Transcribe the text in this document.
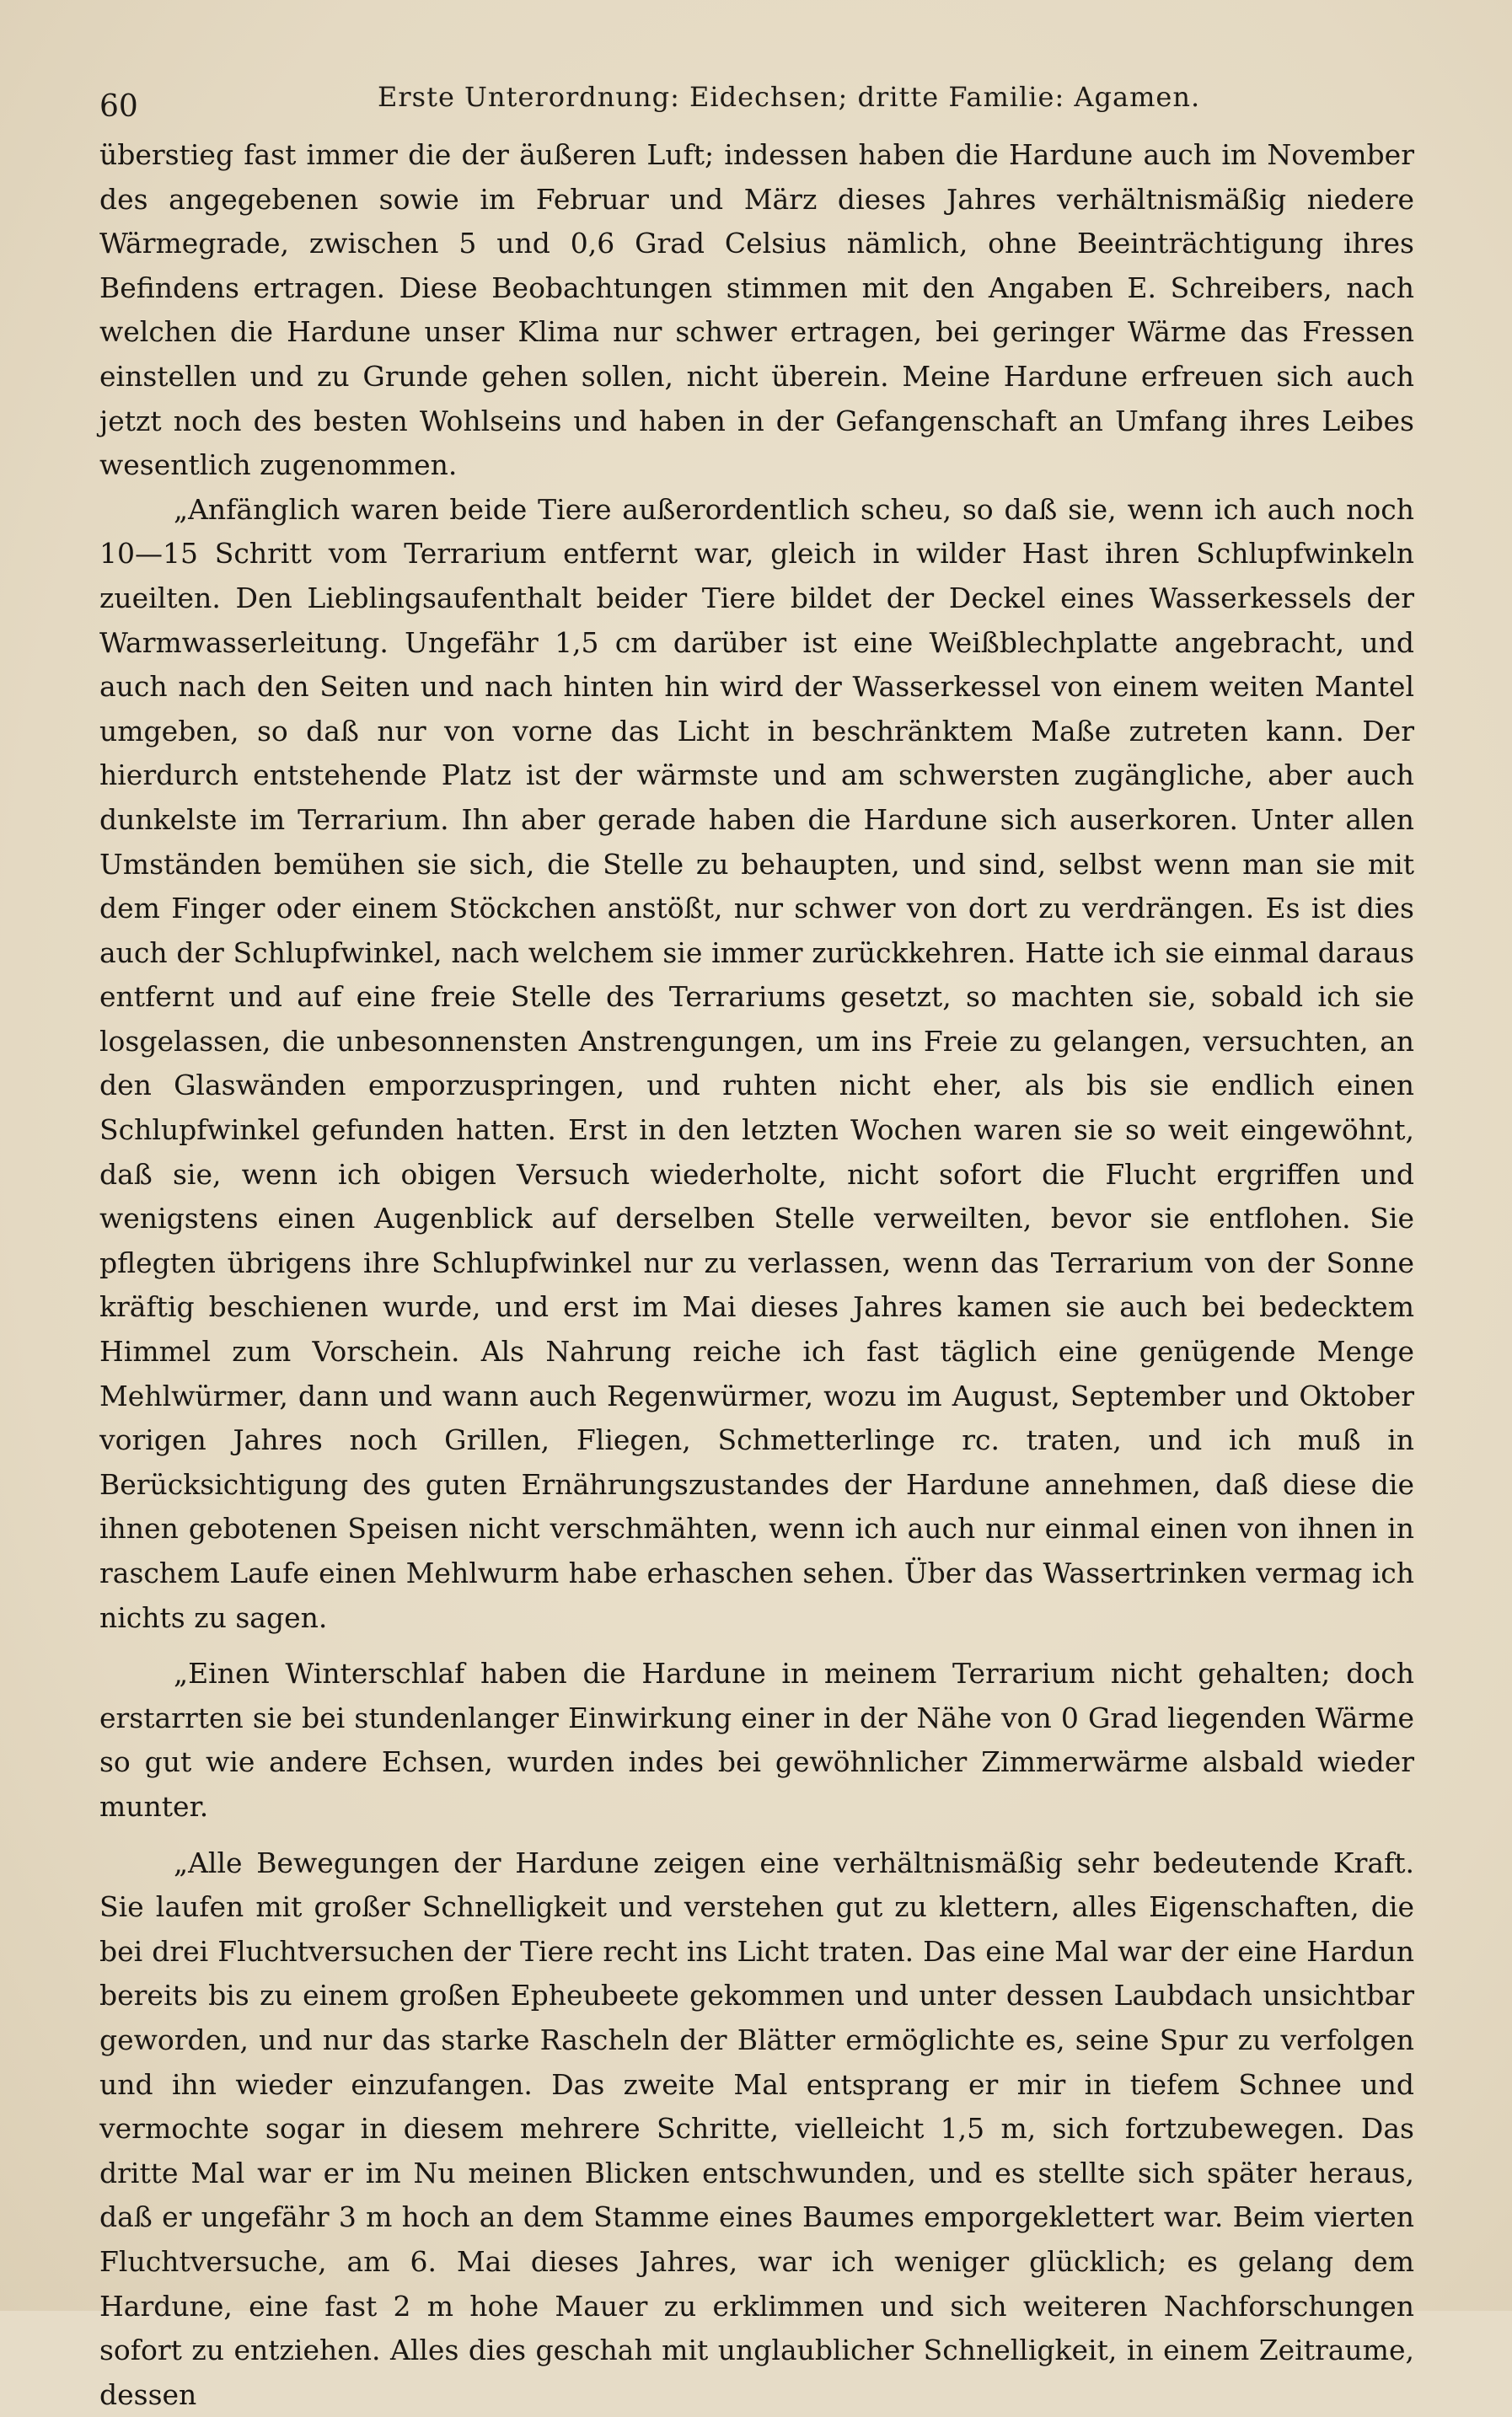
60	Erste Unterordnung: Eidechsen; dritte Familie: Agamen.

überstieg fast immer die der äußeren Luft; indessen haben die Hardune auch im November des angegebenen sowie im Februar und März dieses Jahres verhältnismäßig niedere Wärmegrade, zwischen 5 und 0,6 Grad Celsius nämlich, ohne Beeinträchtigung ihres Befindens ertragen. Diese Beobachtungen stimmen mit den Angaben E. Schreibers, nach welchen die Hardune unser Klima nur schwer ertragen, bei geringer Wärme das Fressen einstellen und zu Grunde gehen sollen, nicht überein. Meine Hardune erfreuen sich auch jetzt noch des besten Wohlseins und haben in der Gefangenschaft an Umfang ihres Leibes wesentlich zugenommen.

„Anfänglich waren beide Tiere außerordentlich scheu, so daß sie, wenn ich auch noch 10—15 Schritt vom Terrarium entfernt war, gleich in wilder Hast ihren Schlupfwinkeln zueilten. Den Lieblingsaufenthalt beider Tiere bildet der Deckel eines Wasserkessels der Warmwasserleitung. Ungefähr 1,5 cm darüber ist eine Weißblechplatte angebracht, und auch nach den Seiten und nach hinten hin wird der Wasserkessel von einem weiten Mantel umgeben, so daß nur von vorne das Licht in beschränktem Maße zutreten kann. Der hierdurch entstehende Platz ist der wärmste und am schwersten zugängliche, aber auch dunkelste im Terrarium. Ihn aber gerade haben die Hardune sich auserkoren. Unter allen Umständen bemühen sie sich, die Stelle zu behaupten, und sind, selbst wenn man sie mit dem Finger oder einem Stöckchen anstößt, nur schwer von dort zu verdrängen. Es ist dies auch der Schlupfwinkel, nach welchem sie immer zurückkehren. Hatte ich sie einmal daraus entfernt und auf eine freie Stelle des Terrariums gesetzt, so machten sie, sobald ich sie losgelassen, die unbesonnensten Anstrengungen, um ins Freie zu gelangen, versuchten, an den Glaswänden emporzuspringen, und ruhten nicht eher, als bis sie endlich einen Schlupfwinkel gefunden hatten. Erst in den letzten Wochen waren sie so weit eingewöhnt, daß sie, wenn ich obigen Versuch wiederholte, nicht sofort die Flucht ergriffen und wenigstens einen Augenblick auf derselben Stelle verweilten, bevor sie entflohen. Sie pflegten übrigens ihre Schlupfwinkel nur zu verlassen, wenn das Terrarium von der Sonne kräftig beschienen wurde, und erst im Mai dieses Jahres kamen sie auch bei bedecktem Himmel zum Vorschein. Als Nahrung reiche ich fast täglich eine genügende Menge Mehlwürmer, dann und wann auch Regenwürmer, wozu im August, September und Oktober vorigen Jahres noch Grillen, Fliegen, Schmetterlinge rc. traten, und ich muß in Berücksichtigung des guten Ernährungszustandes der Hardune annehmen, daß diese die ihnen gebotenen Speisen nicht verschmähten, wenn ich auch nur einmal einen von ihnen in raschem Laufe einen Mehlwurm habe erhaschen sehen. Über das Wassertrinken vermag ich nichts zu sagen.

„Einen Winterschlaf haben die Hardune in meinem Terrarium nicht gehalten; doch erstarrten sie bei stundenlanger Einwirkung einer in der Nähe von 0 Grad liegenden Wärme so gut wie andere Echsen, wurden indes bei gewöhnlicher Zimmerwärme alsbald wieder munter.

„Alle Bewegungen der Hardune zeigen eine verhältnismäßig sehr bedeutende Kraft. Sie laufen mit großer Schnelligkeit und verstehen gut zu klettern, alles Eigenschaften, die bei drei Fluchtversuchen der Tiere recht ins Licht traten. Das eine Mal war der eine Hardun bereits bis zu einem großen Epheubeete gekommen und unter dessen Laubdach unsichtbar geworden, und nur das starke Rascheln der Blätter ermöglichte es, seine Spur zu verfolgen und ihn wieder einzufangen. Das zweite Mal entsprang er mir in tiefem Schnee und vermochte sogar in diesem mehrere Schritte, vielleicht 1,5 m, sich fortzubewegen. Das dritte Mal war er im Nu meinen Blicken entschwunden, und es stellte sich später heraus, daß er ungefähr 3 m hoch an dem Stamme eines Baumes emporgeklettert war. Beim vierten Fluchtversuche, am 6. Mai dieses Jahres, war ich weniger glücklich; es gelang dem Hardune, eine fast 2 m hohe Mauer zu erklimmen und sich weiteren Nachforschungen sofort zu entziehen. Alles dies geschah mit unglaublicher Schnelligkeit, in einem Zeitraume, dessen
